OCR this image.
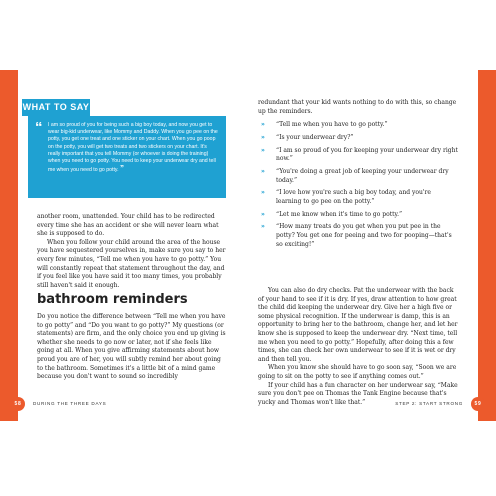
WHAT TO SAY
“ I am so proud of you for being such a big boy today, and now you get to wear big-kid underwear, like Mommy and Daddy. When you go pee on the potty, you get one treat and one sticker on your chart. When you go poop on the potty, you will get two treats and two stickers on your chart. It's really important that you tell Mommy (or whoever is doing the training) when you need to go potty. You need to keep your underwear dry and tell me when you need to go potty. ”

another room, unattended. Your child has to be redirected every time she has an accident or she will never learn what she is supposed to do.

When you follow your child around the area of the house you have sequestered yourselves in, make sure you say to her every few minutes, “Tell me when you have to go potty.” You will constantly repeat that statement throughout the day, and if you feel like you have said it too many times, you probably still haven't said it enough.

bathroom reminders

Do you notice the difference between “Tell me when you have to go potty” and “Do you want to go potty?” My questions (or statements) are firm, and the only choice you end up giving is whether she needs to go now or later, not if she feels like going at all. When you give affirming statements about how proud you are of her, you will subtly remind her about going to the bathroom. Sometimes it's a little bit of a mind game because you don't want to sound so incredibly

58	DURING THE THREE DAYS

redundant that your kid wants nothing to do with this, so change up the reminders.

» “Tell me when you have to go potty.”
» “Is your underwear dry?”
» “I am so proud of you for keeping your underwear dry right now.”
» “You're doing a great job of keeping your underwear dry today.”
» “I love how you're such a big boy today, and you're learning to go pee on the potty.”
» “Let me know when it's time to go potty.”
» “How many treats do you get when you put pee in the potty? You get one for peeing and two for pooping—that's so exciting!”

You can also do dry checks. Pat the underwear with the back of your hand to see if it is dry. If yes, draw attention to how great the child did keeping the underwear dry. Give her a high five or some physical recognition. If the underwear is damp, this is an opportunity to bring her to the bathroom, change her, and let her know she is supposed to keep the underwear dry. “Next time, tell me when you need to go potty.” Hopefully, after doing this a few times, she can check her own underwear to see if it is wet or dry and then tell you.

When you know she should have to go soon say, “Soon we are going to sit on the potty to see if anything comes out.”

If your child has a fun character on her underwear say, “Make sure you don't pee on Thomas the Tank Engine because that's yucky and Thomas won't like that.”	STEP 2: START STRONG 59
